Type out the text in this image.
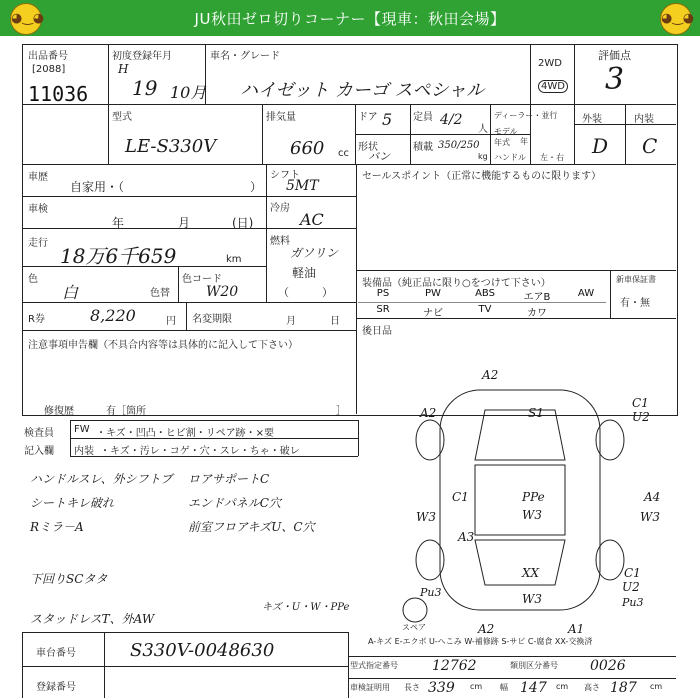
◕‿◕	◕‿◕
JU秋田ゼロ切りコーナー【現車：秋田会場】
出品番号
[2088]
11036
初度登録年月
H
19 10月
車名・グレード
ハイゼット カーゴ スペシャル
2WD
4WD
評価点
3
外装	内装
D C
型式
LE-S330V
排気量
660 cc
ドア 5 定員 4/2
人
形状
バン
積載 350/250
kg
ディーラー・並行
モデル年式	年
ハンドル 左・右
車歴
自家用・（	）
シフト
5MT
車検
年	月	(日)
冷房
AC
走行
18万6千659	km
燃料
ガソリン
軽油
（　　　）
色
白	色替
色コード
W20
R券	8,220	円 名変期限	月	日
注意事項申告欄（不具合内容等は具体的に記入して下さい）
修復歴	有［箇所	］
セールスポイント（正常に機能するものに限ります）
装備品（純正品に限り○をつけて下さい）	新車保証書
有・無
PS	PW	ABS	エアB	AW
SR	ナビ	TV	カワ
後日品
検査員
記入欄
FW ・キズ・凹凸・ヒビ割・リペア跡・×要
内装 ・キズ・汚レ・コゲ・穴・スレ・ちゃ・破レ
ハンドルスレ、外シフトブ
シートキレ破れ
Rミラ－A
下回りSCタタ
スタッドレスT、外AW
ロアサポートC
エンドパネルC穴
前室フロアキズU、C穴
キズ・U・W・PPe
A2
A2	S1
C1
U2
C1
W3
PPe
W3
A3
A4
W3
XX
W3
Pu3
C1
U2
Pu3
A2	A1
スペア
A-キズ E-エクボ U-へこみ W-補修跡 S-サビ C-腐食 XX-交換済
車台番号	S330V-0048630
登録番号
型式指定番号 12762	類別区分番号 0026
車検証明用 長さ 339 cm 幅 147 cm 高さ 187 cm
